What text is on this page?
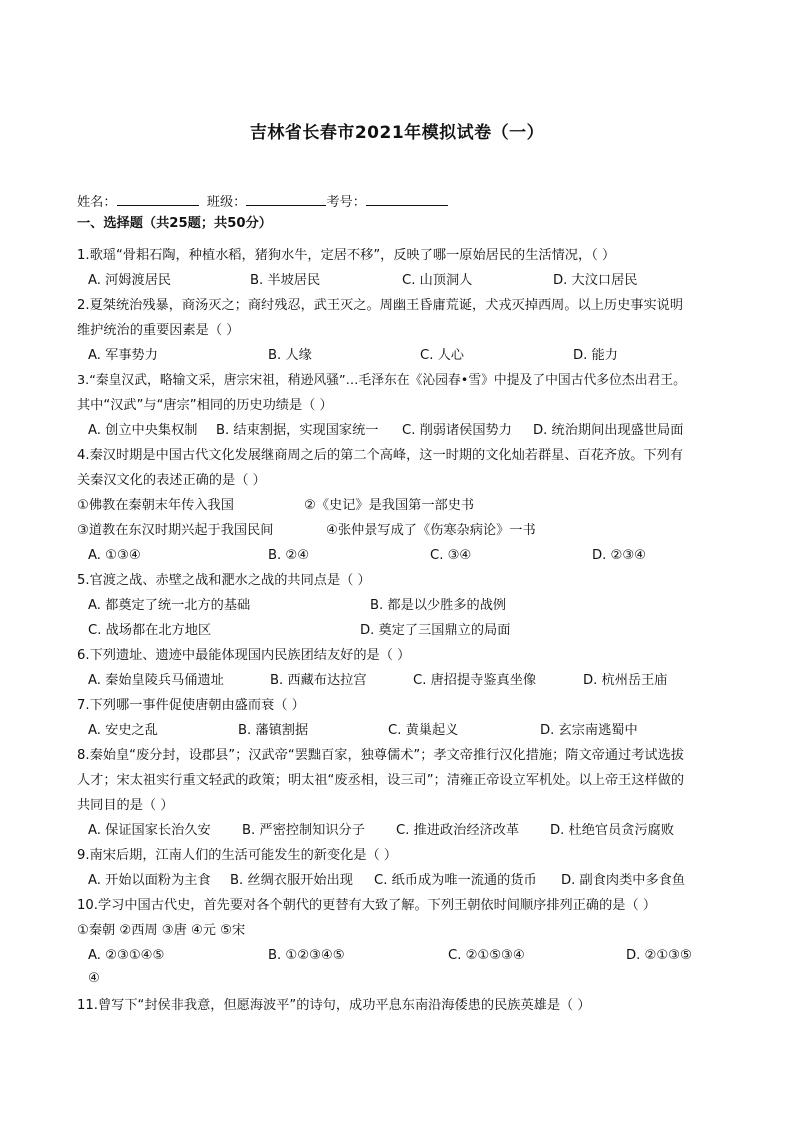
吉林省长春市2021年模拟试卷（一）
姓名：	班级：	考号：
一、选择题（共25题；共50分）
1.歌瑶“骨耜石陶，种植水稻，猪狗水牛，定居不移”，反映了哪一原始居民的生活情况，（ ）
A. 河姆渡居民	B. 半坡居民	C. 山顶洞人	D. 大汶口居民
2.夏桀统治残暴，商汤灭之；商纣残忍，武王灭之。周幽王昏庸荒诞，犬戎灭掉西周。以上历史事实说明
维护统治的重要因素是（ ）
A. 军事势力	B. 人缘	C. 人心	D. 能力
3.“秦皇汉武，略输文采，唐宗宋祖，稍逊风骚”…毛泽东在《沁园春•雪》中提及了中国古代多位杰出君王。
其中“汉武”与“唐宗”相同的历史功绩是（ ）
A. 创立中央集权制 B. 结束割据，实现国家统一 C. 削弱诸侯国势力 D. 统治期间出现盛世局面
4.秦汉时期是中国古代文化发展继商周之后的第二个高峰，这一时期的文化灿若群星、百花齐放。下列有
关秦汉文化的表述正确的是（ ）
①佛教在秦朝末年传入我国	②《史记》是我国第一部史书
③道教在东汉时期兴起于我国民间	④张仲景写成了《伤寒杂病论》一书
A. ①③④	B. ②④	C. ③④	D. ②③④
5.官渡之战、赤壁之战和淝水之战的共同点是（ ）
A. 都奠定了统一北方的基础	B. 都是以少胜多的战例
C. 战场都在北方地区	D. 奠定了三国鼎立的局面
6.下列遗址、遗迹中最能体现国内民族团结友好的是（ ）
A. 秦始皇陵兵马俑遗址	B. 西藏布达拉宫	C. 唐招提寺鉴真坐像	D. 杭州岳王庙
7.下列哪一事件促使唐朝由盛而衰（ ）
A. 安史之乱	B. 藩镇割据	C. 黄巢起义	D. 玄宗南逃蜀中
8.秦始皇“废分封，设郡县”；汉武帝“罢黜百家，独尊儒术”；孝文帝推行汉化措施；隋文帝通过考试选拔
人才；宋太祖实行重文轻武的政策；明太祖“废丞相，设三司”；清雍正帝设立军机处。以上帝王这样做的
共同目的是（ ）
A. 保证国家长治久安 B. 严密控制知识分子 C. 推进政治经济改革 D. 杜绝官员贪污腐败
9.南宋后期，江南人们的生活可能发生的新变化是（ ）
A. 开始以面粉为主食 B. 丝绸衣服开始出现 C. 纸币成为唯一流通的货币 D. 副食肉类中多食鱼
10.学习中国古代史，首先要对各个朝代的更替有大致了解。下列王朝依时间顺序排列正确的是（ ）
①秦朝 ②西周 ③唐 ④元 ⑤宋
A. ②③①④⑤	B. ①②③④⑤	C. ②①⑤③④	D. ②①③⑤
④
11.曾写下“封侯非我意，但愿海波平”的诗句，成功平息东南沿海倭患的民族英雄是（ ）
